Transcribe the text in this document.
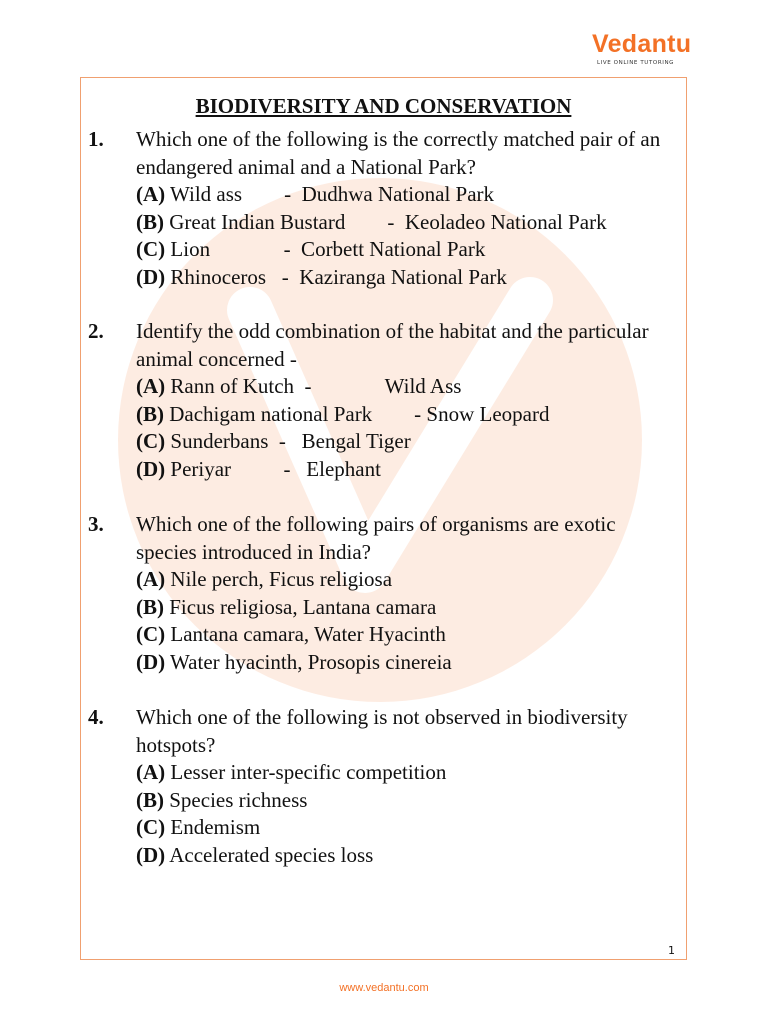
Vedantu
LIVE ONLINE TUTORING
BIODIVERSITY AND CONSERVATION
1. Which one of the following is the correctly matched pair of an endangered animal and a National Park?
(A) Wild ass        -  Dudhwa National Park
(B) Great Indian Bustard        -  Keoladeo National Park
(C) Lion              -  Corbett National Park
(D) Rhinoceros   -  Kaziranga National Park
2. Identify the odd combination of the habitat and the particular animal concerned -
(A) Rann of Kutch  -              Wild Ass
(B) Dachigam national Park        - Snow Leopard
(C) Sunderbans  -   Bengal Tiger
(D) Periyar          -   Elephant
3. Which one of the following pairs of organisms are exotic species introduced in India?
(A) Nile perch, Ficus religiosa
(B) Ficus religiosa, Lantana camara
(C) Lantana camara, Water Hyacinth
(D) Water hyacinth, Prosopis cinereia
4. Which one of the following is not observed in biodiversity hotspots?
(A) Lesser inter-specific competition
(B) Species richness
(C) Endemism
(D) Accelerated species loss
1
www.vedantu.com
